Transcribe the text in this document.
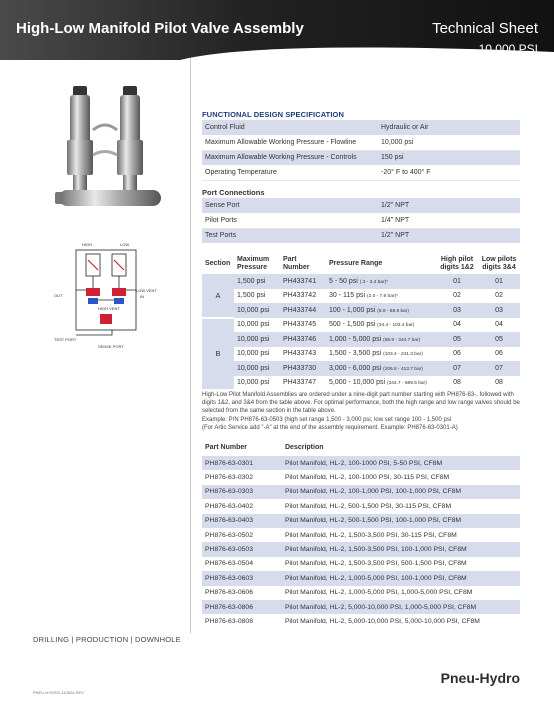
High-Low Manifold Pilot Valve Assembly	Technical Sheet
10,000 PSI
HIGH	LOW
OUT
LOW VENT
IN
HIGH VENT
TEST PORT
SENSE PORT
FUNCTIONAL DESIGN SPECIFICATION
Control Fluid	Hydraulic or Air
Maximum Allowable Working Pressure - Flowline	10,000 psi
Maximum Allowable Working Pressure - Controls	150 psi
Operating Temperature	-20° F to 400° F
Port Connections
Sense Port	1/2" NPT
Pilot Ports	1/4" NPT
Test Ports	1/2" NPT
Section	Maximum Pressure	Part Number	Pressure Range	High pilot digits 1&2	Low pilots digits 3&4
A	1,500 psi	PH433741	5 - 50 psi (.3 - 3.4 bar)*	01	01
	1,500 psi	PH433742	30 - 115 psi (2.0 - 7.9 bar)*	02	02
	10,000 psi	PH433744	100 - 1,000 psi (6.9 - 68.9 bar)	03	03
B	10,000 psi	PH433745	500 - 1,500 psi (34.4 - 103.4 bar)	04	04
	10,000 psi	PH433746	1,000 - 5,000 psi (68.9 - 344.7 bar)	05	05
	10,000 psi	PH433743	1,500 - 3,500 psi (103.4 - 241.3 bar)	06	06
	10,000 psi	PH433730	3,000 - 6,000 psi (206.8 - 413.7 bar)	07	07
	10,000 psi	PH433747	5,000 - 10,000 psi (344.7 - 689.5 bar)	08	08
High-Low Pilot Manifold Assemblies are ordered under a nine-digit part number starting with PH876-63-, followed with digits 1&2, and 3&4 from the table above. For optimal performance, both the high range and low range valves should be selected from the same section in the table above.
Example: P/N PH876-63-0503 (high set range 1,500 - 3,000 psi; low set range 100 - 1,500 psi
(For Artic Service add "-A" at the end of the assembly requirement. Example: PH876-63-0301-A)
Part Number	Description
PH876-63-0301	Pilot Manifold, HL-2, 100-1000 PSI, 5-50 PSI, CF8M
PH876-63-0302	Pilot Manifold, HL-2, 100-1000 PSI, 30-115 PSI, CF8M
PH876-63-0303	Pilot Manifold, HL-2, 100-1,000 PSI, 100-1,000 PSI, CF8M
PH876-63-0402	Pilot Manifold, HL-2, 500-1,500 PSI, 30-115 PSI, CF8M
PH876-63-0403	Pilot Manifold, HL-2, 500-1,500 PSI, 100-1,000 PSI, CF8M
PH876-63-0502	Pilot Manifold, HL-2, 1,500-3,500 PSI, 30-115 PSI, CF8M
PH876-63-0503	Pilot Manifold, HL-2, 1,500-3,500 PSI, 100-1,000 PSI, CF8M
PH876-63-0504	Pilot Manifold, HL-2, 1,500-3,500 PSI, 500-1,500 PSI, CF8M
PH876-63-0603	Pilot Manifold, HL-2, 1,000-5,000 PSI, 100-1,000 PSI, CF8M
PH876-63-0606	Pilot Manifold, HL-2, 1,000-5,000 PSI, 1,000-5,000 PSI, CF8M
PH876-63-0806	Pilot Manifold, HL-2, 5,000-10,000 PSI, 1,000-5,000 PSI, CF8M
PH876-63-0808	Pilot Manifold, HL-2, 5,000-10,000 PSI, 5,000-10,000 PSI, CF8M
DRILLING | PRODUCTION | DOWNHOLE
PNEU-HYDRO-110824-REV
Pneu-Hydro
